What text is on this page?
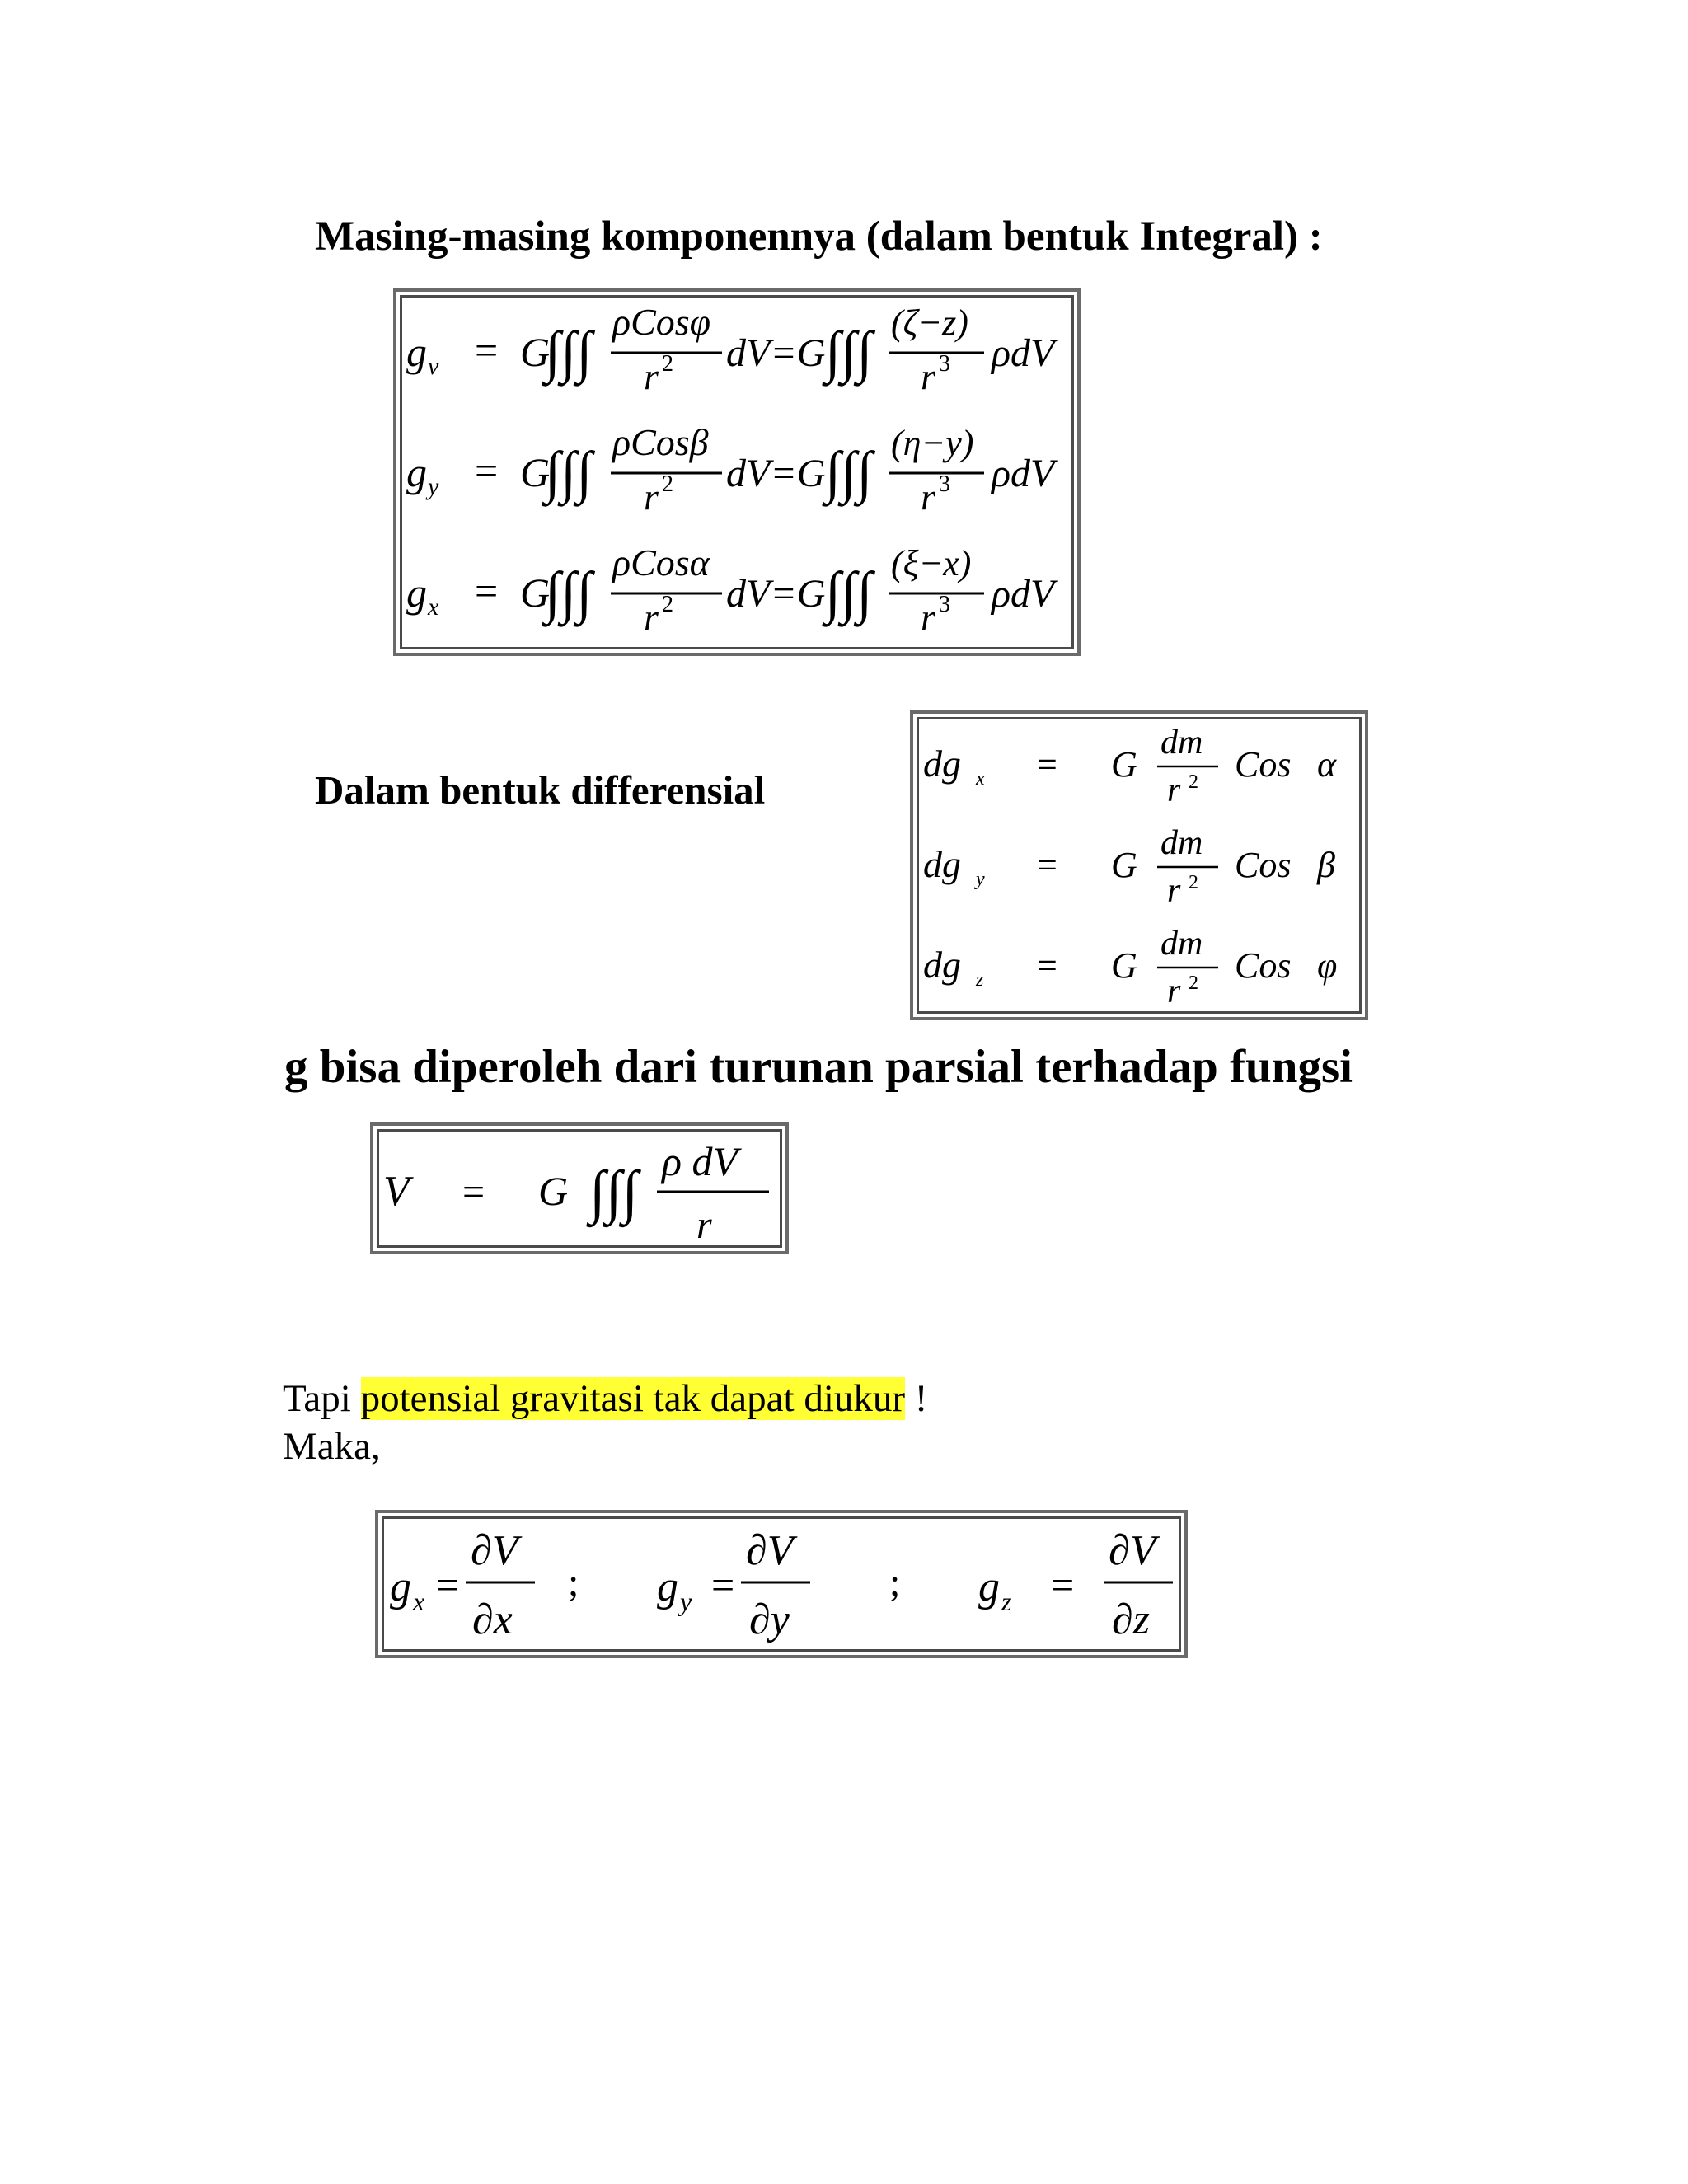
Masing-masing komponennya (dalam bentuk Integral) :
g v = G
∫∫∫ ρCosφ
r 2 dV=G ∫∫∫ (ζ−z)
r 3 ρdV
g y = G
∫∫∫ ρCosβ
r 2 dV=G ∫∫∫ (η−y)
r 3 ρdV
g x = G
∫∫∫ ρCosα
r 2 dV=G ∫∫∫ (ξ−x)
r 3 ρdV
Dalam bentuk differensial
dg x = G
dm
r 2 Cos α
dg y = G
dm
r 2 Cos β
dg z = G
dm
r 2 Cos φ
g bisa diperoleh dari turunan parsial terhadap fungsi
V = G ∫∫∫ ρ dV
r
Tapi potensial gravitasi tak dapat diukur !
Maka,
g x =
∂V
∂x
; g y =
∂V
∂y
; g z =
∂V
∂z
